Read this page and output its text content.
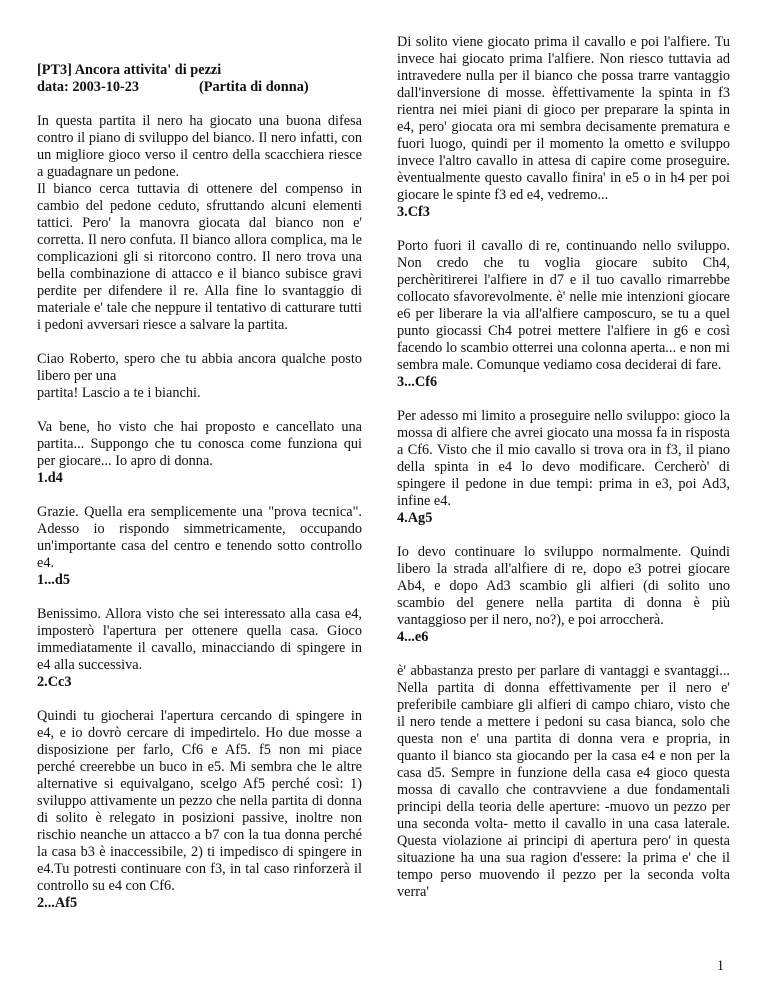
[PT3] Ancora attivita' di pezzi
data: 2003-10-23	(Partita di donna)

In questa partita il nero ha giocato una buona difesa contro il piano di sviluppo del bianco. Il nero infatti, con un migliore gioco verso il centro della scacchiera riesce a guadagnare un pedone.
Il bianco cerca tuttavia di ottenere del compenso in cambio del pedone ceduto, sfruttando alcuni elementi tattici. Pero' la manovra giocata dal bianco non e' corretta. Il nero confuta. Il bianco allora complica, ma le complicazioni gli si ritorcono contro. Il nero trova una bella combinazione di attacco e il bianco subisce gravi perdite per difendere il re. Alla fine lo svantaggio di materiale e' tale che neppure il tentativo di catturare tutti i pedoni avversari riesce a salvare la partita.

Ciao Roberto, spero che tu abbia ancora qualche posto libero per una
partita! Lascio a te i bianchi.

Va bene, ho visto che hai proposto e cancellato una partita... Suppongo che tu conosca come funziona qui per giocare... Io apro di donna.
1.d4

Grazie. Quella era semplicemente una "prova tecnica". Adesso io rispondo simmetricamente, occupando un'importante casa del centro e tenendo sotto controllo e4.
1...d5

Benissimo. Allora visto che sei interessato alla casa e4, imposterò l'apertura per ottenere quella casa. Gioco immediatamente il cavallo, minacciando di spingere in e4 alla successiva.
2.Cc3

Quindi tu giocherai l'apertura cercando di spingere in e4, e io dovrò cercare di impedirtelo. Ho due mosse a disposizione per farlo, Cf6 e Af5. f5 non mi piace perché creerebbe un buco in e5. Mi sembra che le altre alternative si equivalgano, scelgo Af5 perché così: 1) sviluppo attivamente un pezzo che nella partita di donna di solito è relegato in posizioni passive, inoltre non rischio neanche un attacco a b7 con la tua donna perché la casa b3 è inaccessibile, 2) ti impedisco di spingere in e4.Tu potresti continuare con f3, in tal caso rinforzerà il controllo su e4 con Cf6.
2...Af5

Di solito viene giocato prima il cavallo e poi l'alfiere. Tu invece hai giocato prima l'alfiere. Non riesco tuttavia ad intravedere nulla per il bianco che possa trarre vantaggio dall'inversione di mosse. èffettivamente la spinta in f3 rientra nei miei piani di gioco per preparare la spinta in e4, pero' giocata ora mi sembra decisamente prematura e fuori luogo, quindi per il momento la ometto e sviluppo invece l'altro cavallo in attesa di capire come proseguire. èventualmente questo cavallo finira' in e5 o in h4 per poi giocare le spinte f3 ed e4, vedremo...
3.Cf3

Porto fuori il cavallo di re, continuando nello sviluppo. Non credo che tu voglia giocare subito Ch4, perchèritirerei l'alfiere in d7 e il tuo cavallo rimarrebbe collocato sfavorevolmente. è' nelle mie intenzioni giocare e6 per liberare la via all'alfiere camposcuro, se tu a quel punto giocassi Ch4 potrei mettere l'alfiere in g6 e così facendo lo scambio otterrei una colonna aperta... e non mi sembra male. Comunque vediamo cosa deciderai di fare.
3...Cf6

Per adesso mi limito a proseguire nello sviluppo: gioco la mossa di alfiere che avrei giocato una mossa fa in risposta a Cf6. Visto che il mio cavallo si trova ora in f3, il piano della spinta in e4 lo devo modificare. Cercherò' di spingere il pedone in due tempi: prima in e3, poi Ad3, infine e4.
4.Ag5

Io devo continuare lo sviluppo normalmente. Quindi libero la strada all'alfiere di re, dopo e3 potrei giocare Ab4, e dopo Ad3 scambio gli alfieri (di solito uno scambio del genere nella partita di donna è più vantaggioso per il nero, no?), e poi arroccherà.
4...e6

è' abbastanza presto per parlare di vantaggi e svantaggi... Nella partita di donna effettivamente per il nero e' preferibile cambiare gli alfieri di campo chiaro, visto che il nero tende a mettere i pedoni su casa bianca, solo che questa non e' una partita di donna vera e propria, in quanto il bianco sta giocando per la casa e4 e non per la casa d5. Sempre in funzione della casa e4 gioco questa mossa di cavallo che contravviene a due fondamentali principi della teoria delle aperture: -muovo un pezzo per una seconda volta- metto il cavallo in una casa laterale. Questa violazione ai principi di apertura pero' in questa situazione ha una sua ragion d'essere: la prima e' che il tempo perso muovendo il pezzo per la seconda volta verra'

1
